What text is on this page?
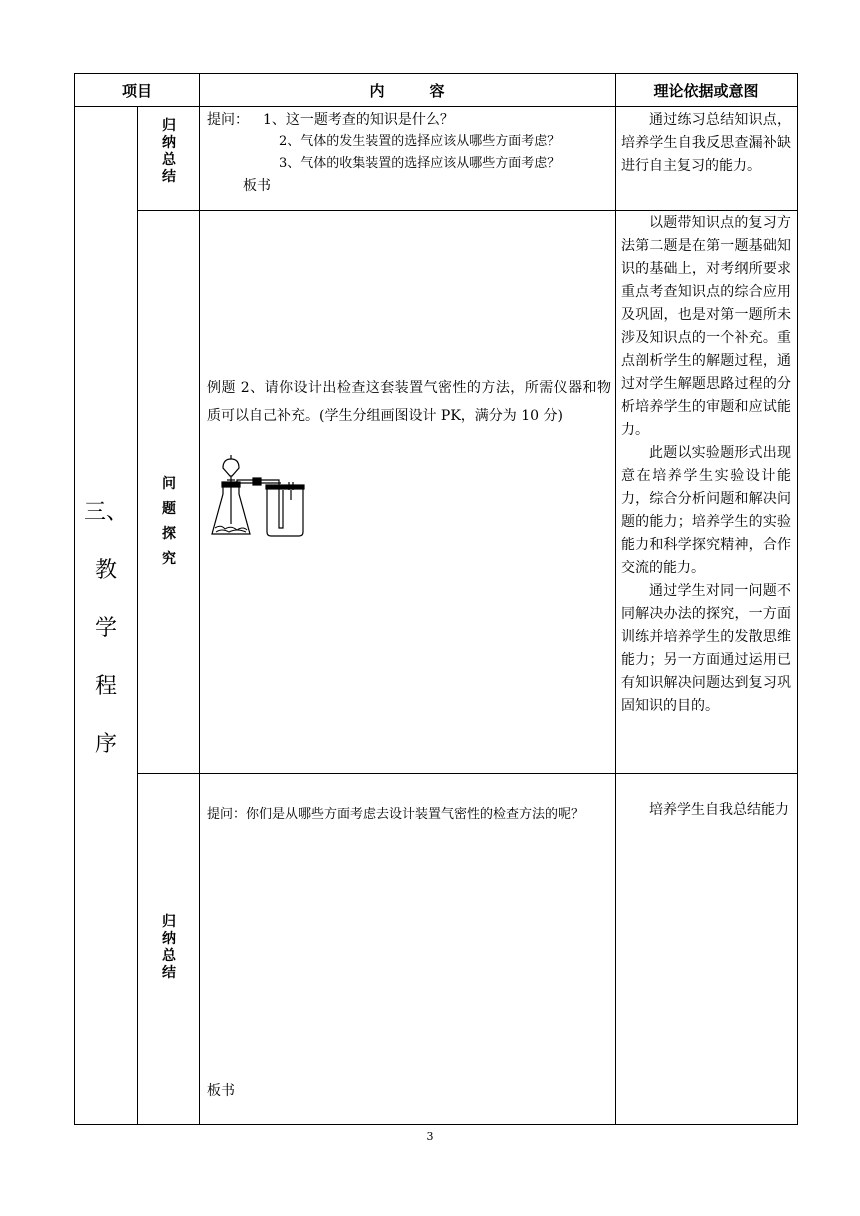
项目	内　　　容	理论依据或意图
三、
教
学
程
序
归
纳
总
结
提问： 1、这一题考查的知识是什么？
2、气体的发生装置的选择应该从哪些方面考虑？
3、气体的收集装置的选择应该从哪些方面考虑？
板书
通过练习总结知识点，培养学生自我反思查漏补缺进行自主复习的能力。
问
题
探
究
例题 2、请你设计出检查这套装置气密性的方法，所需仪器和物质可以自己补充。(学生分组画图设计 PK，满分为 10 分)
以题带知识点的复习方法第二题是在第一题基础知识的基础上，对考纲所要求重点考查知识点的综合应用及巩固，也是对第一题所未涉及知识点的一个补充。重点剖析学生的解题过程，通过对学生解题思路过程的分析培养学生的审题和应试能力。
此题以实验题形式出现意在培养学生实验设计能力，综合分析问题和解决问题的能力；培养学生的实验能力和科学探究精神，合作交流的能力。
通过学生对同一问题不同解决办法的探究，一方面训练并培养学生的发散思维能力；另一方面通过运用已有知识解决问题达到复习巩固知识的目的。
归
纳
总
结
提问：你们是从哪些方面考虑去设计装置气密性的检查方法的呢？
板书
培养学生自我总结能力
3
